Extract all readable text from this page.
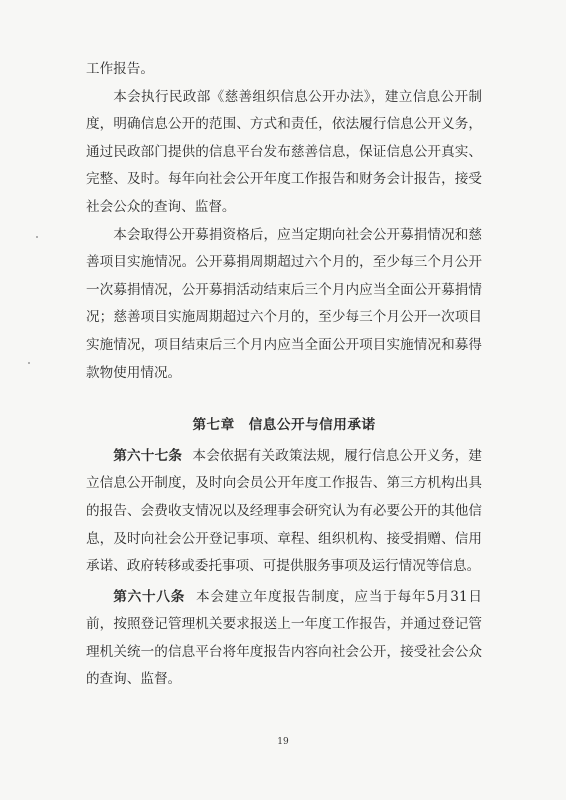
工作报告。

本会执行民政部《慈善组织信息公开办法》，建立信息公开制度，明确信息公开的范围、方式和责任，依法履行信息公开义务，通过民政部门提供的信息平台发布慈善信息，保证信息公开真实、完整、及时。每年向社会公开年度工作报告和财务会计报告，接受社会公众的查询、监督。

本会取得公开募捐资格后，应当定期向社会公开募捐情况和慈善项目实施情况。公开募捐周期超过六个月的，至少每三个月公开一次募捐情况，公开募捐活动结束后三个月内应当全面公开募捐情况；慈善项目实施周期超过六个月的，至少每三个月公开一次项目实施情况，项目结束后三个月内应当全面公开项目实施情况和募得款物使用情况。

第七章 信息公开与信用承诺

第六十七条 本会依据有关政策法规，履行信息公开义务，建立信息公开制度，及时向会员公开年度工作报告、第三方机构出具的报告、会费收支情况以及经理事会研究认为有必要公开的其他信息，及时向社会公开登记事项、章程、组织机构、接受捐赠、信用承诺、政府转移或委托事项、可提供服务事项及运行情况等信息。

第六十八条 本会建立年度报告制度，应当于每年5月31日前，按照登记管理机关要求报送上一年度工作报告，并通过登记管理机关统一的信息平台将年度报告内容向社会公开，接受社会公众的查询、监督。

19
